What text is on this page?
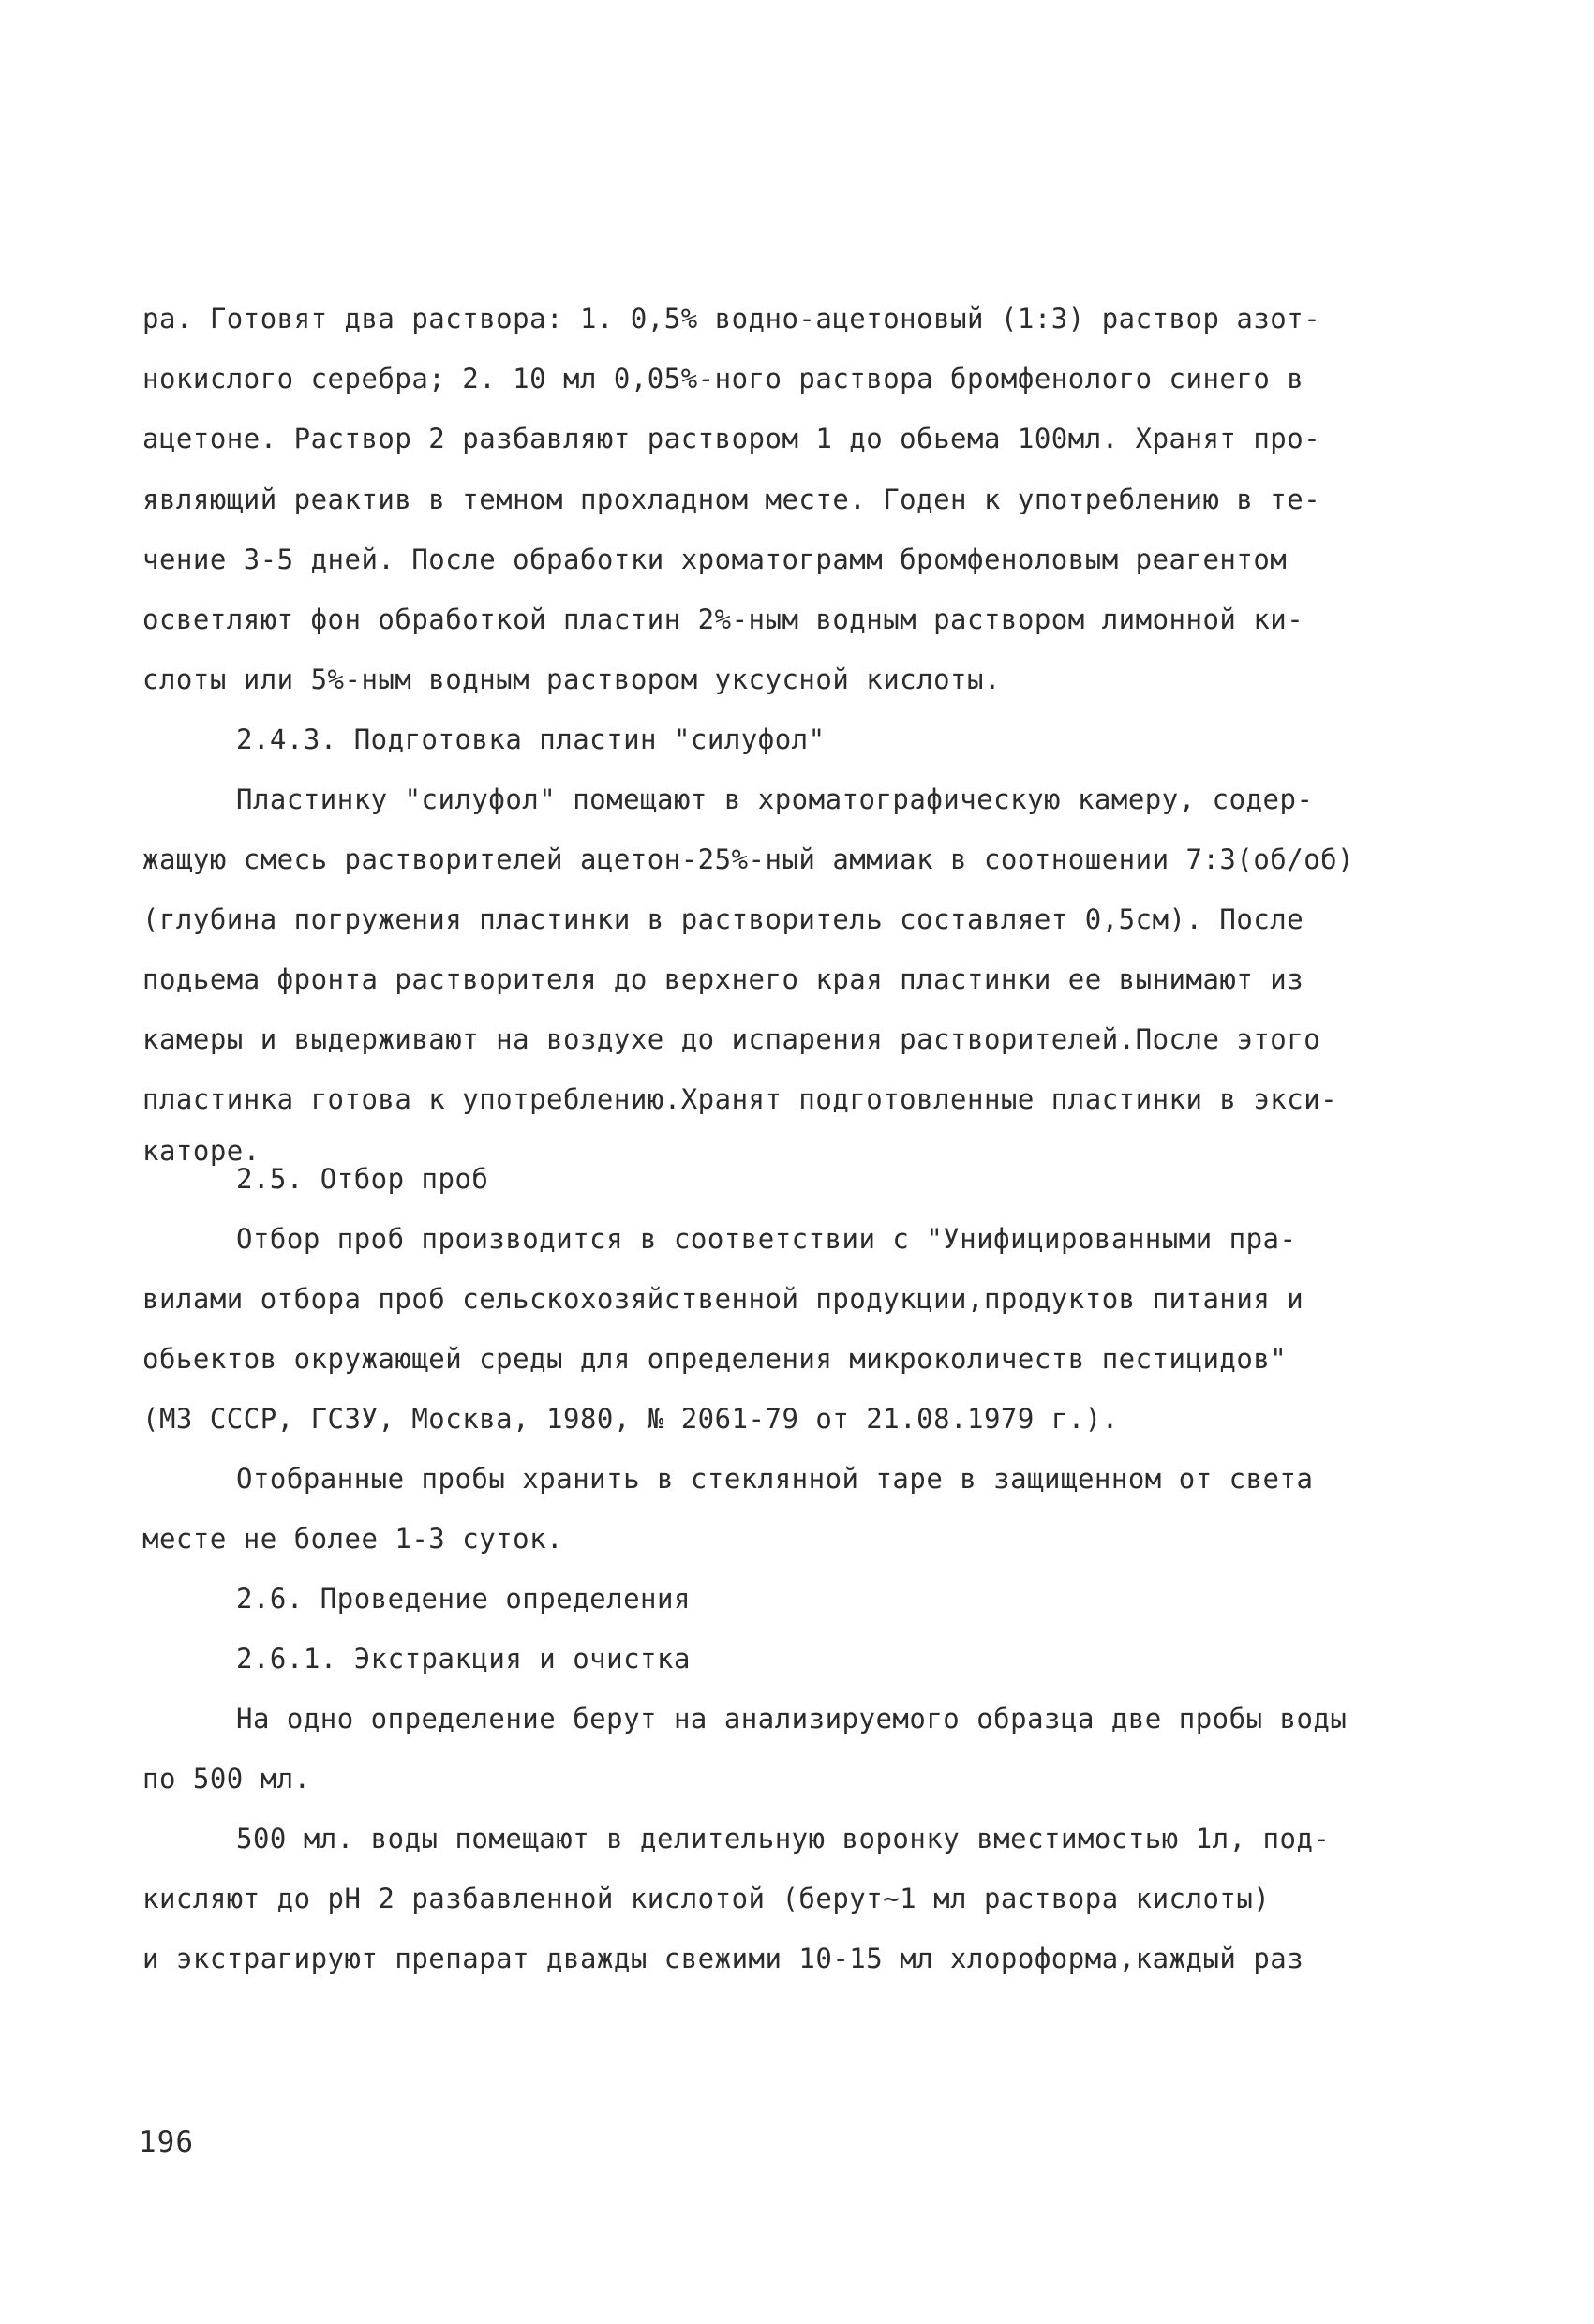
ра. Готовят два раствора: 1. 0,5% водно-ацетоновый (1:3) раствор азот-
нокислого серебра; 2. 10 мл 0,05%-ного раствора бромфенолого синего в
ацетоне. Раствор 2 разбавляют раствором 1 до обьема 100мл. Хранят про-
являющий реактив в темном прохладном месте. Годен к употреблению в те-
чение 3-5 дней. После обработки хроматограмм бромфеноловым реагентом
осветляют фон обработкой пластин 2%-ным водным раствором лимонной ки-
слоты или 5%-ным водным раствором уксусной кислоты.
2.4.3. Подготовка пластин "силуфол"
Пластинку "силуфол" помещают в хроматографическую камеру, содер-
жащую смесь растворителей ацетон-25%-ный аммиак в соотношении 7:3(об/об)
(глубина погружения пластинки в растворитель составляет 0,5см). После
подьема фронта растворителя до верхнего края пластинки ее вынимают из
камеры и выдерживают на воздухе до испарения растворителей.После этого
пластинка готова к употреблению.Хранят подготовленные пластинки в экси-
каторе.
2.5. Отбор проб
Отбор проб производится в соответствии с "Унифицированными пра-
вилами отбора проб сельскохозяйственной продукции,продуктов питания и
обьектов окружающей среды для определения микроколичеств пестицидов"
(МЗ СССР, ГСЗУ, Москва, 1980, № 2061-79 от 21.08.1979 г.).
Отобранные пробы хранить в стеклянной таре в защищенном от света
месте не более 1-3 суток.
2.6. Проведение определения
2.6.1. Экстракция и очистка
На одно определение берут на анализируемого образца две пробы воды
по 500 мл.
500 мл. воды помещают в делительную воронку вместимостью 1л, под-
кисляют до рН 2 разбавленной кислотой (берут~1 мл раствора кислоты)
и экстрагируют препарат дважды свежими 10-15 мл хлороформа,каждый раз
196
